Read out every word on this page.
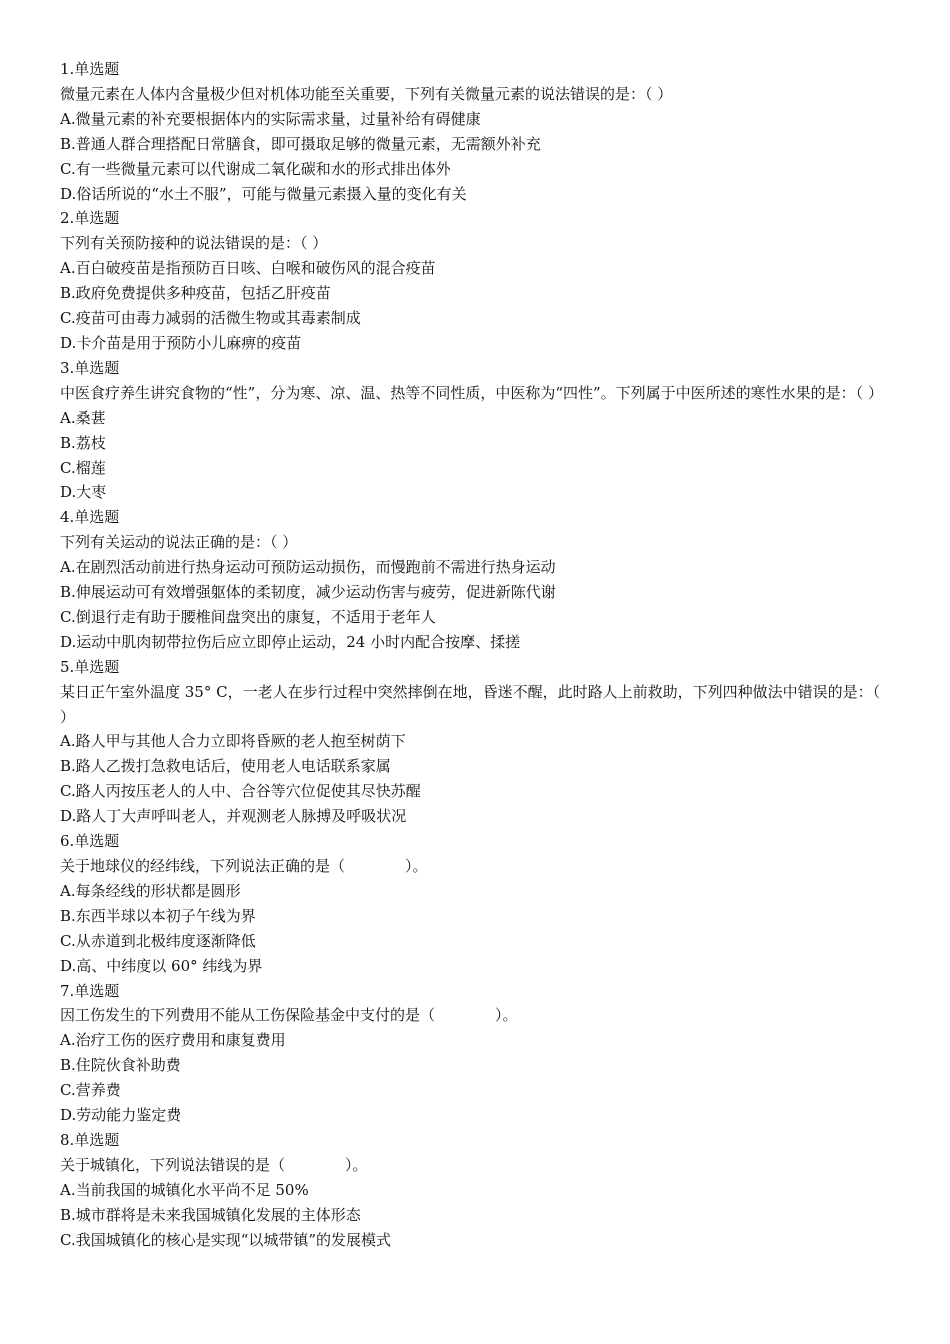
1.单选题
微量元素在人体内含量极少但对机体功能至关重要，下列有关微量元素的说法错误的是：（ ）
A.微量元素的补充要根据体内的实际需求量，过量补给有碍健康
B.普通人群合理搭配日常膳食，即可摄取足够的微量元素，无需额外补充
C.有一些微量元素可以代谢成二氧化碳和水的形式排出体外
D.俗话所说的“水土不服”，可能与微量元素摄入量的变化有关
2.单选题
下列有关预防接种的说法错误的是：（ ）
A.百白破疫苗是指预防百日咳、白喉和破伤风的混合疫苗
B.政府免费提供多种疫苗，包括乙肝疫苗
C.疫苗可由毒力减弱的活微生物或其毒素制成
D.卡介苗是用于预防小儿麻痹的疫苗
3.单选题
中医食疗养生讲究食物的“性”，分为寒、凉、温、热等不同性质，中医称为“四性”。下列属于中医所述的寒性水果的是：（ ）
A.桑葚
B.荔枝
C.榴莲
D.大枣
4.单选题
下列有关运动的说法正确的是：（ ）
A.在剧烈活动前进行热身运动可预防运动损伤，而慢跑前不需进行热身运动
B.伸展运动可有效增强躯体的柔韧度，减少运动伤害与疲劳，促进新陈代谢
C.倒退行走有助于腰椎间盘突出的康复，不适用于老年人
D.运动中肌肉韧带拉伤后应立即停止运动，24 小时内配合按摩、揉搓
5.单选题
某日正午室外温度 35° C，一老人在步行过程中突然摔倒在地，昏迷不醒，此时路人上前救助，下列四种做法中错误的是：（ ）
A.路人甲与其他人合力立即将昏厥的老人抱至树荫下
B.路人乙拨打急救电话后，使用老人电话联系家属
C.路人丙按压老人的人中、合谷等穴位促使其尽快苏醒
D.路人丁大声呼叫老人，并观测老人脉搏及呼吸状况
6.单选题
关于地球仪的经纬线，下列说法正确的是（　　　　）。
A.每条经线的形状都是圆形
B.东西半球以本初子午线为界
C.从赤道到北极纬度逐渐降低
D.高、中纬度以 60° 纬线为界
7.单选题
因工伤发生的下列费用不能从工伤保险基金中支付的是（　　　　）。
A.治疗工伤的医疗费用和康复费用
B.住院伙食补助费
C.营养费
D.劳动能力鉴定费
8.单选题
关于城镇化，下列说法错误的是（　　　　）。
A.当前我国的城镇化水平尚不足 50%
B.城市群将是未来我国城镇化发展的主体形态
C.我国城镇化的核心是实现“以城带镇”的发展模式
